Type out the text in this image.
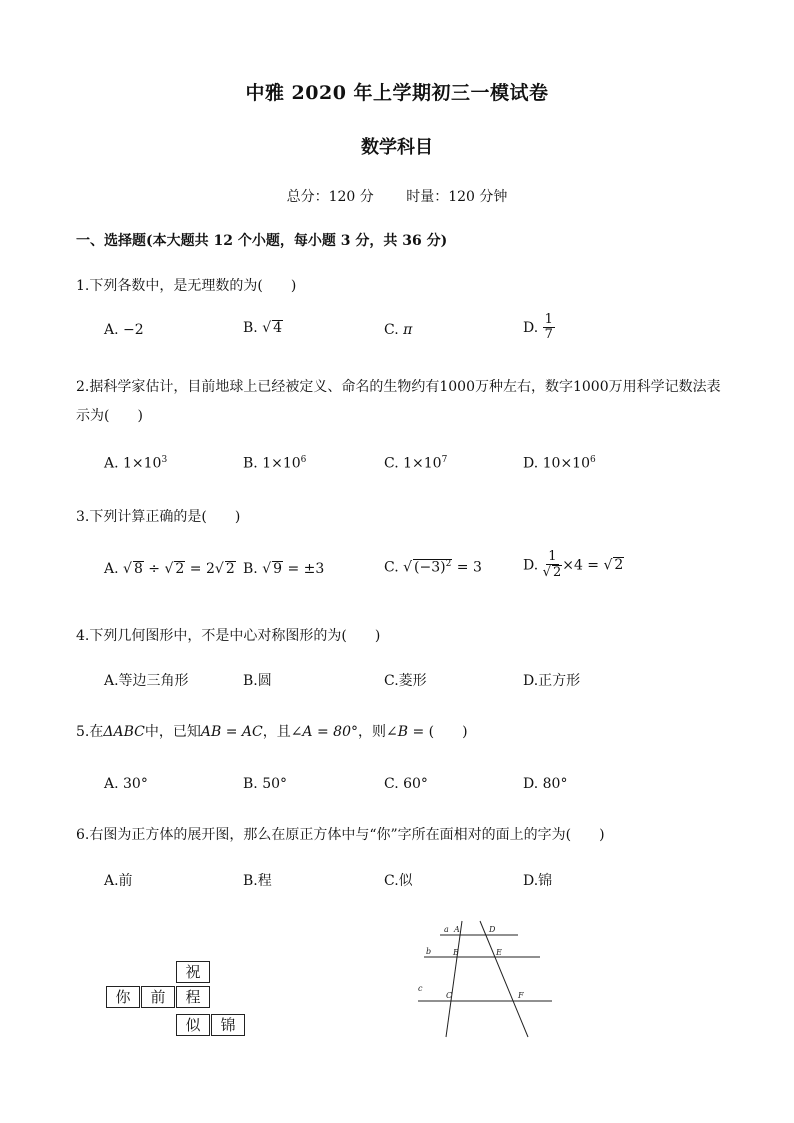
中雅 2020 年上学期初三一模试卷
数学科目
总分：120 分 时量：120 分钟
一、选择题(本大题共 12 个小题，每小题 3 分，共 36 分)
1.下列各数中，是无理数的为(　　)
A. −2	B. √ 4	C. π	D. $\frac{1}{7}$
2.据科学家估计，目前地球上已经被定义、命名的生物约有1000万种左右，数字1000万用科学记数法表
示为(　　)
A. $1\times 10^3$	B. $1\times 10^6$	C. $1\times 10^7$	D. $10\times 10^6$
3.下列计算正确的是(　　)
A. √ 8 ÷ √ 2 = 2√ 2 B. √ 9 = ±3	C. √ $(-3)^2 = 3$	D. $\frac{1}{√ 2} \times 4$ = √ 2
4.下列几何图形中，不是中心对称图形的为(　　)
A.等边三角形	B.圆	C.菱形	D.正方形
5.在ΔABC中，已知AB = AC，且∠A = 80°，则∠B = (　　)
A. 30°	B. 50°	C. 60°	D. 80°
6.右图为正方体的展开图，那么在原正方体中与“你”字所在面相对的面上的字为(　　)
A.前	B.程	C.似	D.锦
祝
你	前	程
似	锦
a A	D
b	B	E
c
C	F
